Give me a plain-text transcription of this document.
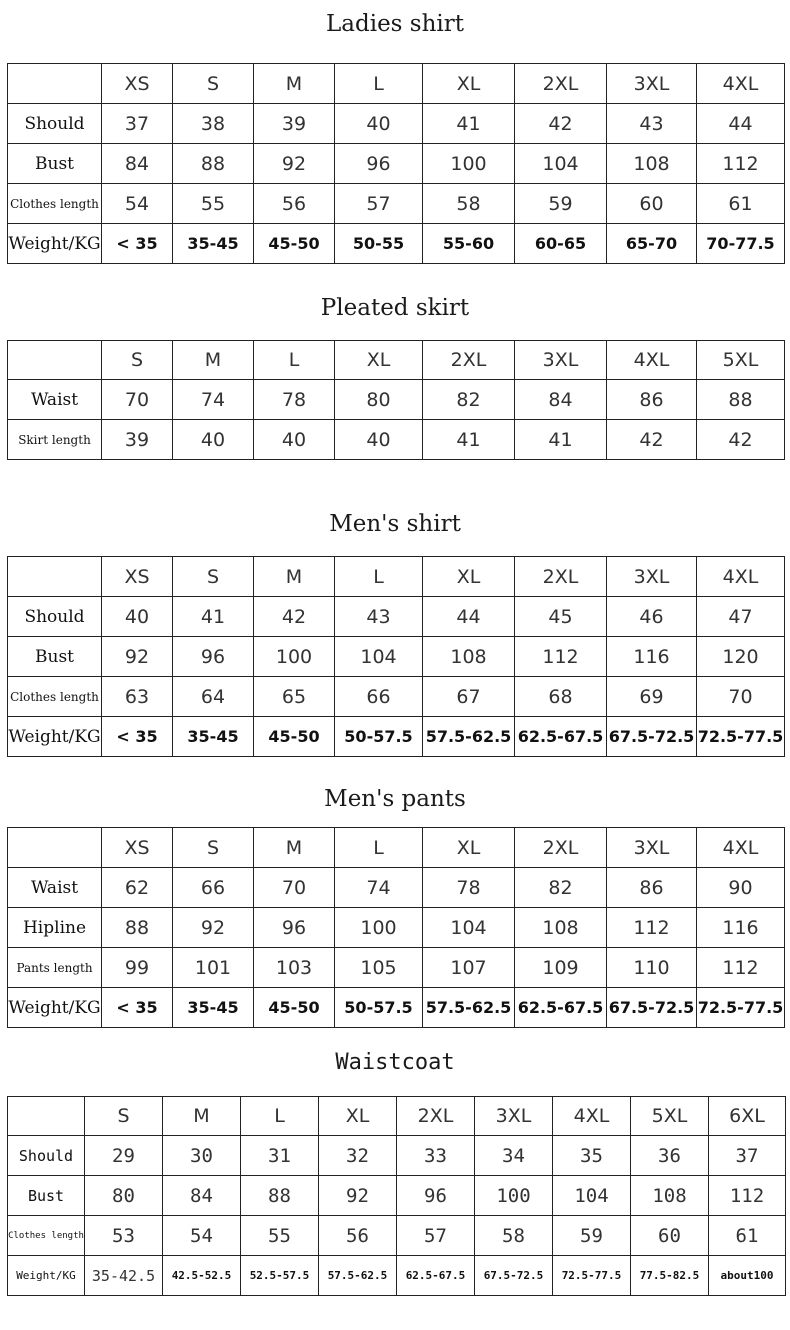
Ladies shirt
	XS	S	M	L	XL	2XL	3XL	4XL
Should	37	38	39	40	41	42	43	44
Bust	84	88	92	96	100	104	108	112
Clothes length	54	55	56	57	58	59	60	61
Weight/KG	< 35	35-45	45-50	50-55	55-60	60-65	65-70	70-77.5
Pleated skirt
	S	M	L	XL	2XL	3XL	4XL	5XL
Waist	70	74	78	80	82	84	86	88
Skirt length	39	40	40	40	41	41	42	42
Men's shirt
	XS	S	M	L	XL	2XL	3XL	4XL
Should	40	41	42	43	44	45	46	47
Bust	92	96	100	104	108	112	116	120
Clothes length	63	64	65	66	67	68	69	70
Weight/KG	< 35	35-45	45-50	50-57.5	57.5-62.5	62.5-67.5	67.5-72.5	72.5-77.5
Men's pants
	XS	S	M	L	XL	2XL	3XL	4XL
Waist	62	66	70	74	78	82	86	90
Hipline	88	92	96	100	104	108	112	116
Pants length	99	101	103	105	107	109	110	112
Weight/KG	< 35	35-45	45-50	50-57.5	57.5-62.5	62.5-67.5	67.5-72.5	72.5-77.5
Waistcoat
	S	M	L	XL	2XL	3XL	4XL	5XL	6XL
Should	29	30	31	32	33	34	35	36	37
Bust	80	84	88	92	96	100	104	108	112
Clothes length	53	54	55	56	57	58	59	60	61
Weight/KG	35-42.5	42.5-52.5	52.5-57.5	57.5-62.5	62.5-67.5	67.5-72.5	72.5-77.5	77.5-82.5	about100
